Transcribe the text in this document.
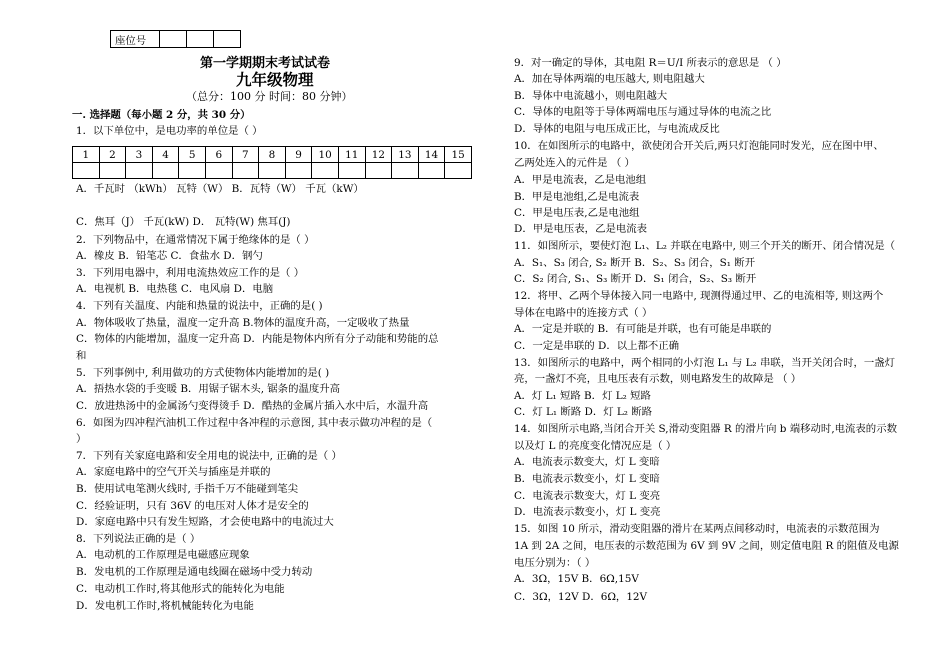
座位号			
第一学期期末考试试卷
九年级物理
（总分：100 分 时间：80 分钟）
一. 选择题（每小题 2 分，共 30 分）
1	2	3	4	5	6	7	8	9	10	11	12	13	14	15

1．以下单位中，是电功率的单位是（ ）
A．千瓦时 （kWh） 瓦特（W） B．瓦特（W） 千瓦（kW）
C．焦耳（J） 千瓦(kW) D． 瓦特(W) 焦耳(J)
2．下列物品中，在通常情况下属于绝缘体的是（ ）
A．橡皮 B．铅笔芯 C．食盐水 D．钢勺
3．下列用电器中，利用电流热效应工作的是（ ）
A．电视机 B．电热毯 C．电风扇 D．电脑
4．下列有关温度、内能和热量的说法中，正确的是( )
A．物体吸收了热量，温度一定升高 B.物体的温度升高，一定吸收了热量
C．物体的内能增加，温度一定升高 D．内能是物体内所有分子动能和势能的总
和
5．下列事例中, 利用做功的方式使物体内能增加的是( )
A．捂热水袋的手变暖 B．用锯子锯木头, 锯条的温度升高
C．放进热汤中的金属汤勺变得烫手 D．酷热的金属片插入水中后，水温升高
6．如图为四冲程汽油机工作过程中各冲程的示意图, 其中表示做功冲程的是（
）
7．下列有关家庭电路和安全用电的说法中, 正确的是（ ）
A．家庭电路中的空气开关与插座是并联的
B．使用试电笔测火线时, 手指千万不能碰到笔尖
C．经验证明，只有 36V 的电压对人体才是安全的
D．家庭电路中只有发生短路，才会使电路中的电流过大
8．下列说法正确的是（ ）
A．电动机的工作原理是电磁感应现象
B．发电机的工作原理是通电线圈在磁场中受力转动
C．电动机工作时,将其他形式的能转化为电能
D．发电机工作时,将机械能转化为电能
9．对一确定的导体，其电阻 R＝U/I 所表示的意思是 （ ）
A．加在导体两端的电压越大, 则电阻越大
B．导体中电流越小，则电阻越大
C．导体的电阻等于导体两端电压与通过导体的电流之比
D．导体的电阻与电压成正比，与电流成反比
10．在如图所示的电路中，欲使闭合开关后,两只灯泡能同时发光，应在图中甲、
乙两处连入的元件是 （ ）
A．甲是电流表，乙是电池组
B．甲是电池组,乙是电流表
C．甲是电压表,乙是电池组
D．甲是电压表，乙是电流表
11．如图所示，要使灯泡 L₁、L₂ 并联在电路中, 则三个开关的断开、闭合情况是（
A．S₁、S₃ 闭合, S₂ 断开 B．S₂、S₃ 闭合，S₁ 断开
C．S₂ 闭合, S₁、S₃ 断开 D．S₁ 闭合，S₂、S₃ 断开
12．将甲、乙两个导体接入同一电路中, 现测得通过甲、乙的电流相等, 则这两个
导体在电路中的连接方式（ ）
A．一定是并联的 B．有可能是并联，也有可能是串联的
C．一定是串联的 D．以上都不正确
13．如图所示的电路中，两个相同的小灯泡 L₁ 与 L₂ 串联，当开关闭合时，一盏灯
亮，一盏灯不亮，且电压表有示数，则电路发生的故障是 （ ）
A．灯 L₁ 短路 B．灯 L₂ 短路
C．灯 L₁ 断路 D．灯 L₂ 断路
14．如图所示电路,当闭合开关 S,滑动变阻器 R 的滑片向 b 端移动时,电流表的示数
以及灯 L 的亮度变化情况应是（ ）
A．电流表示数变大，灯 L 变暗
B．电流表示数变小，灯 L 变暗
C．电流表示数变大，灯 L 变亮
D．电流表示数变小，灯 L 变亮
15．如图 10 所示，滑动变阻器的滑片在某两点间移动时，电流表的示数范围为
1A 到 2A 之间，电压表的示数范围为 6V 到 9V 之间，则定值电阻 R 的阻值及电源
电压分别为：（ ）
A．3Ω，15V B．6Ω,15V
C．3Ω，12V D．6Ω，12V
